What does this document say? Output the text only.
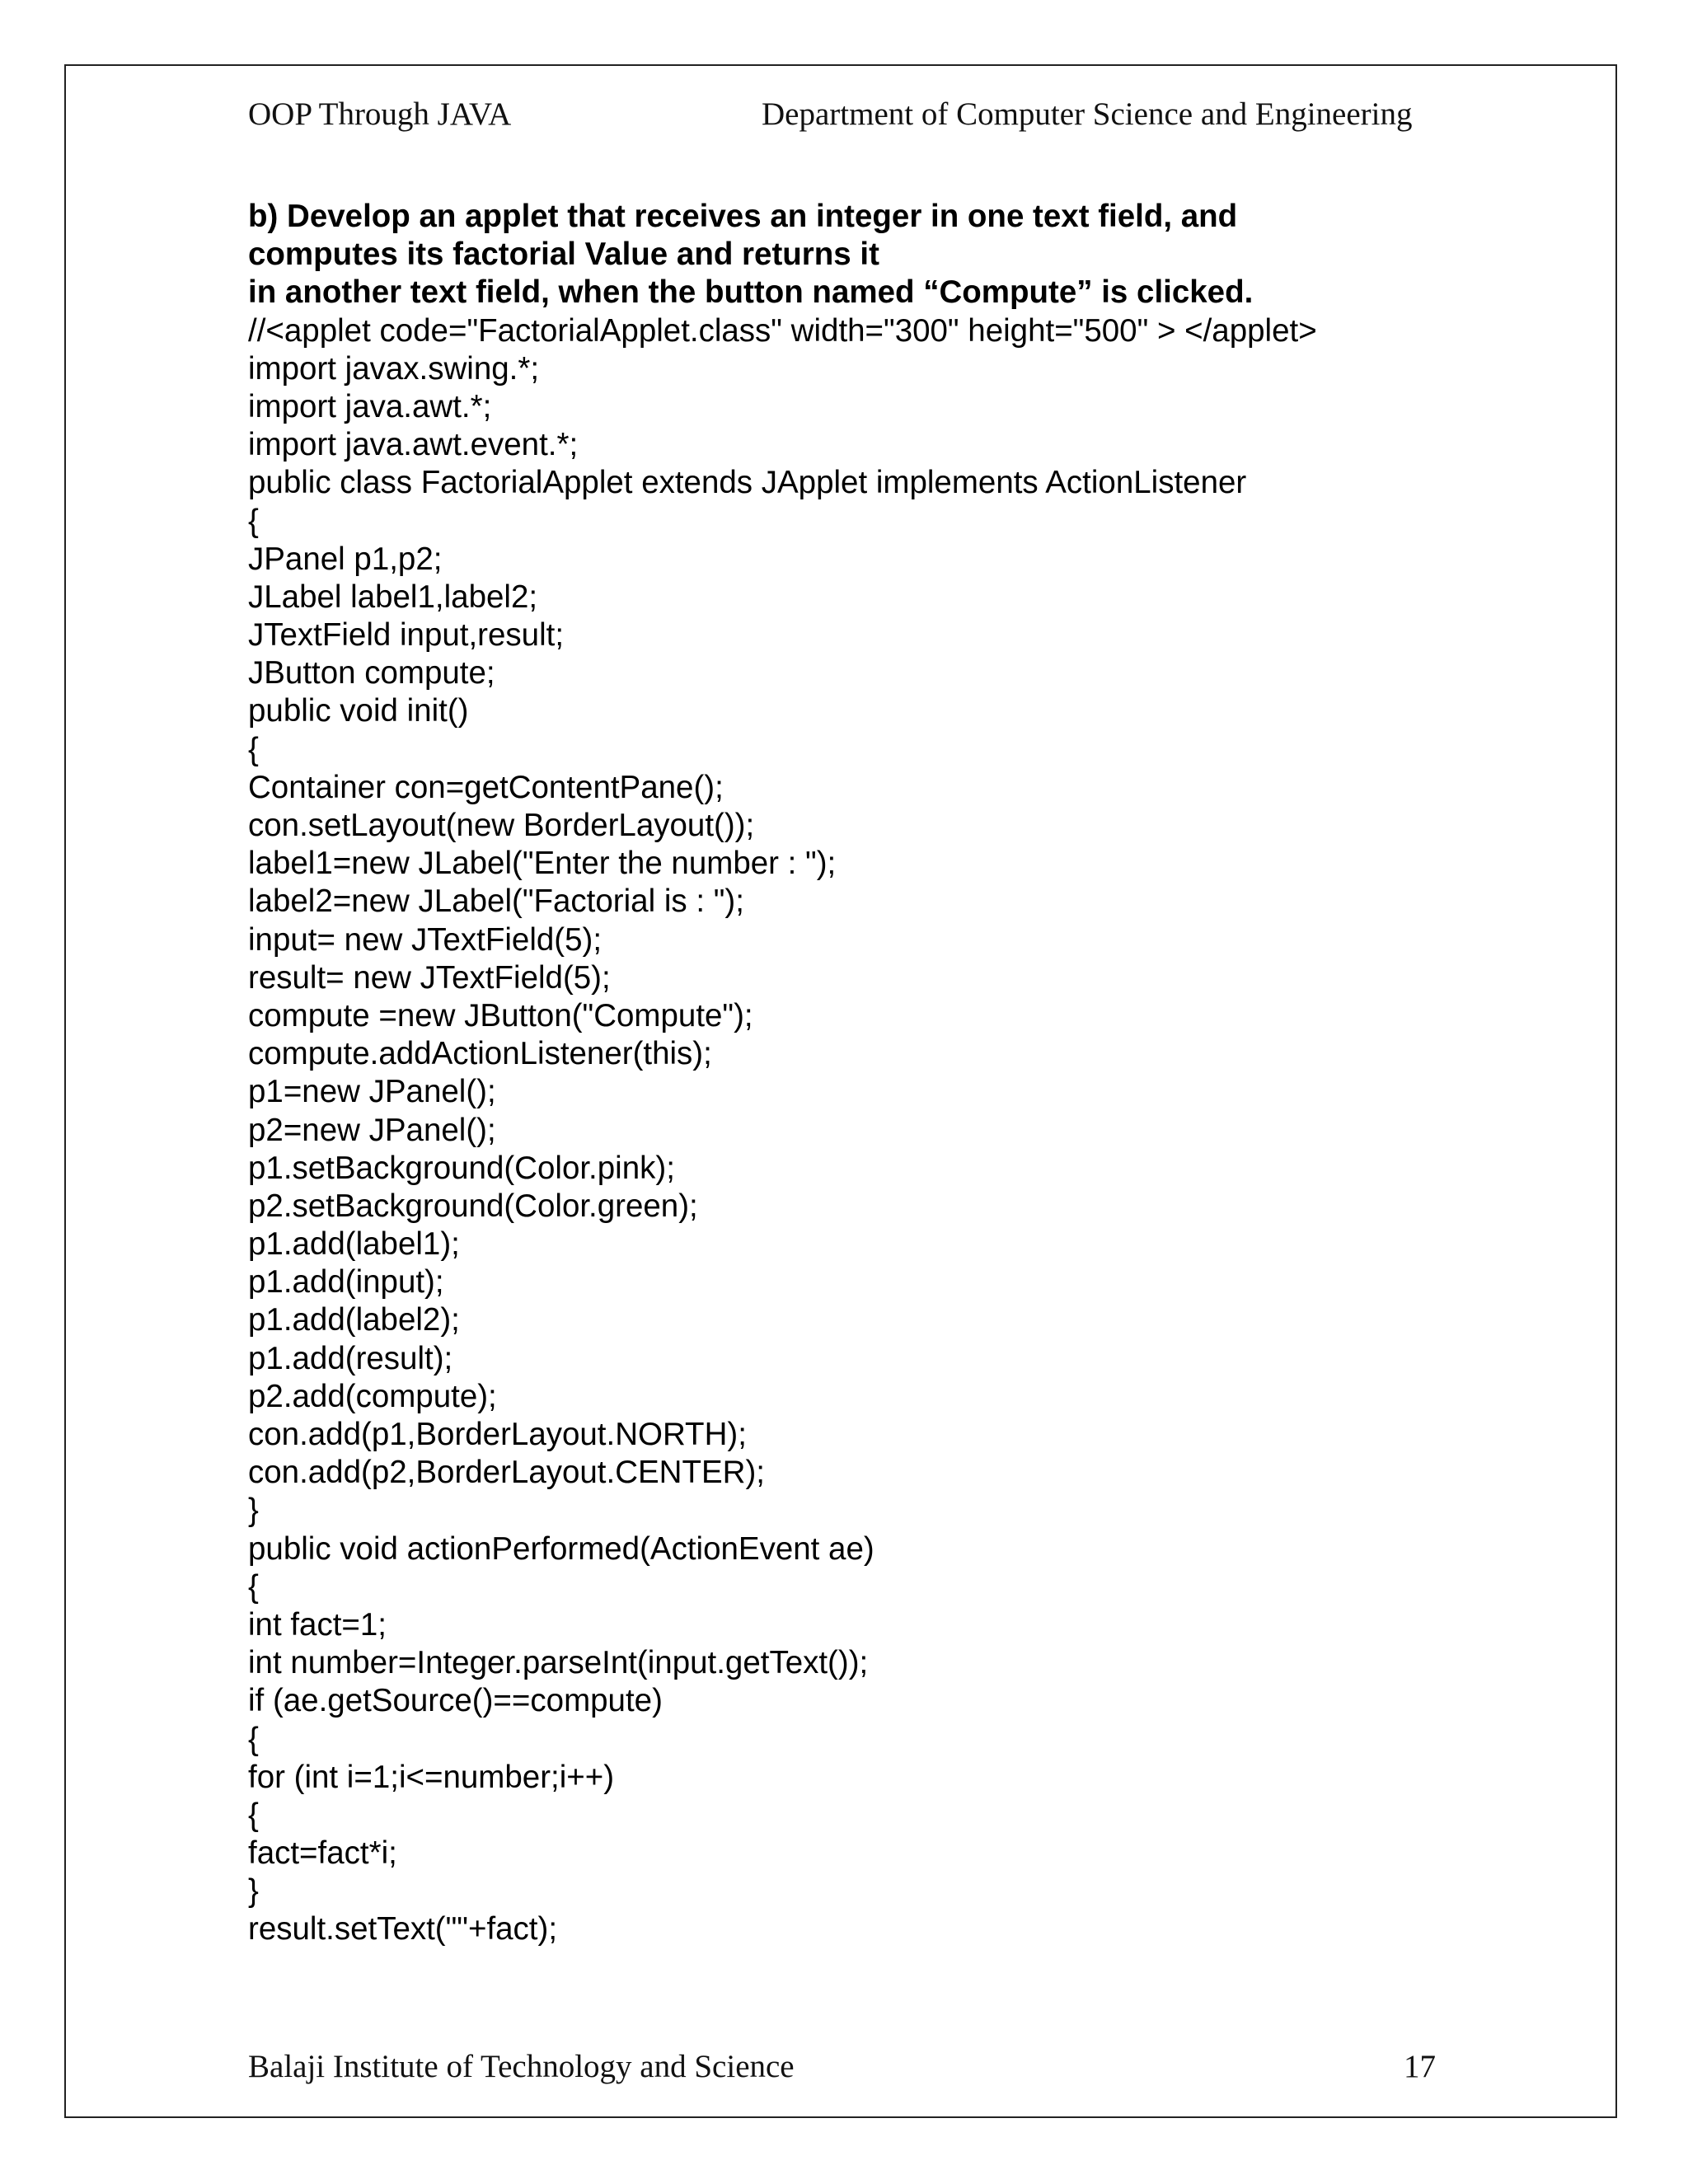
OOP Through JAVA	Department of Computer Science and Engineering
b) Develop an applet that receives an integer in one text field, and
computes its factorial Value and returns it
in another text field, when the button named “Compute” is clicked.
//<applet code="FactorialApplet.class" width="300" height="500" > </applet>
import javax.swing.*;
import java.awt.*;
import java.awt.event.*;
public class FactorialApplet extends JApplet implements ActionListener
{
JPanel p1,p2;
JLabel label1,label2;
JTextField input,result;
JButton compute;
public void init()
{
Container con=getContentPane();
con.setLayout(new BorderLayout());
label1=new JLabel("Enter the number : ");
label2=new JLabel("Factorial is : ");
input= new JTextField(5);
result= new JTextField(5);
compute =new JButton("Compute");
compute.addActionListener(this);
p1=new JPanel();
p2=new JPanel();
p1.setBackground(Color.pink);
p2.setBackground(Color.green);
p1.add(label1);
p1.add(input);
p1.add(label2);
p1.add(result);
p2.add(compute);
con.add(p1,BorderLayout.NORTH);
con.add(p2,BorderLayout.CENTER);
}
public void actionPerformed(ActionEvent ae)
{
int fact=1;
int number=Integer.parseInt(input.getText());
if (ae.getSource()==compute)
{
for (int i=1;i<=number;i++)
{
fact=fact*i;
}
result.setText(""+fact);
Balaji Institute of Technology and Science	17
